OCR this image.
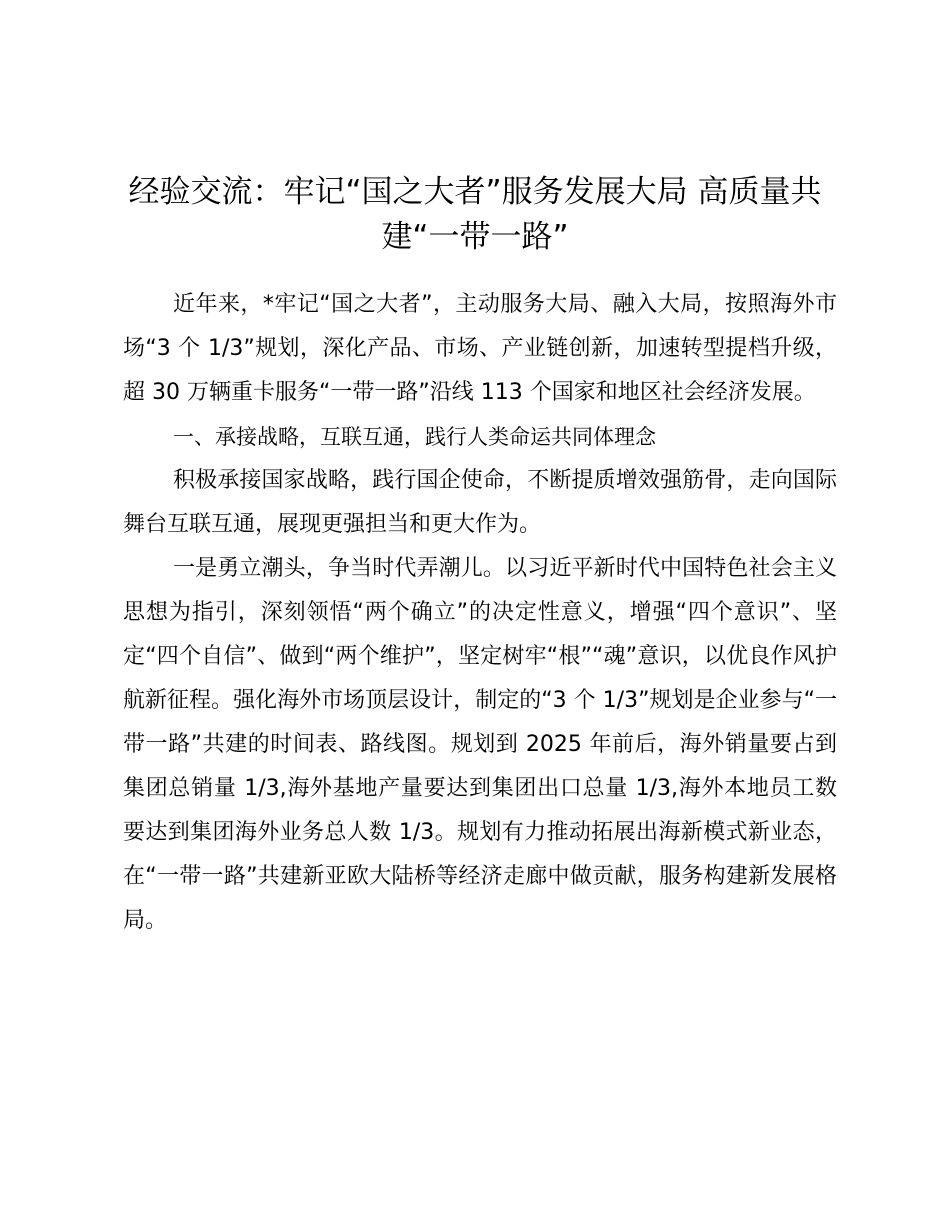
经验交流：牢记“国之大者”服务发展大局 高质量共建“一带一路”

近年来，*牢记“国之大者”，主动服务大局、融入大局，按照海外市场“3 个 1/3”规划，深化产品、市场、产业链创新，加速转型提档升级，超 30 万辆重卡服务“一带一路”沿线 113 个国家和地区社会经济发展。

一、承接战略，互联互通，践行人类命运共同体理念

积极承接国家战略，践行国企使命，不断提质增效强筋骨，走向国际舞台互联互通，展现更强担当和更大作为。

一是勇立潮头，争当时代弄潮儿。以习近平新时代中国特色社会主义思想为指引，深刻领悟“两个确立”的决定性意义，增强“四个意识”、坚定“四个自信”、做到“两个维护”，坚定树牢“根”“魂”意识，以优良作风护航新征程。强化海外市场顶层设计，制定的“3 个 1/3”规划是企业参与“一带一路”共建的时间表、路线图。规划到 2025 年前后，海外销量要占到集团总销量 1/3,海外基地产量要达到集团出口总量 1/3,海外本地员工数要达到集团海外业务总人数 1/3。规划有力推动拓展出海新模式新业态，在“一带一路”共建新亚欧大陆桥等经济走廊中做贡献，服务构建新发展格局。
